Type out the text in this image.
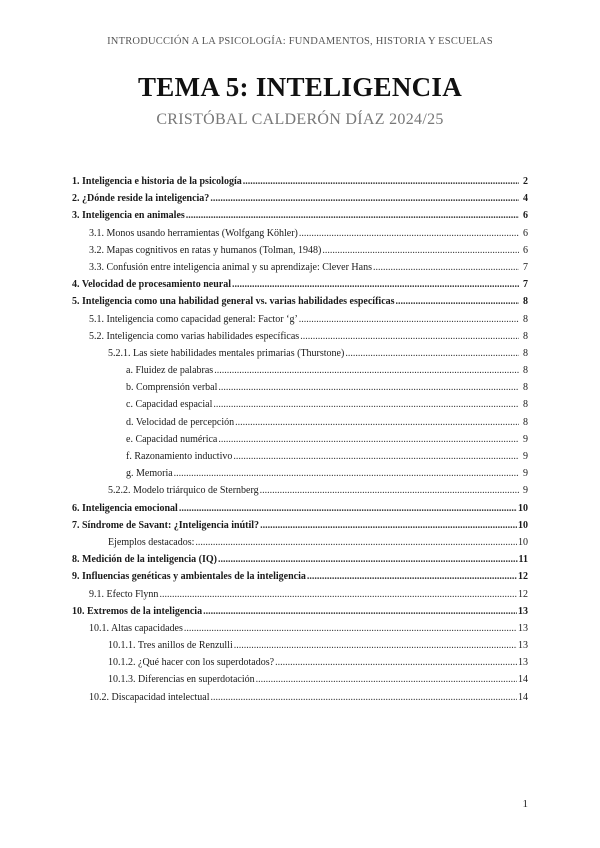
INTRODUCCIÓN A LA PSICOLOGÍA: FUNDAMENTOS, HISTORIA Y ESCUELAS
TEMA 5: INTELIGENCIA
CRISTÓBAL CALDERÓN DÍAZ 2024/25
1. Inteligencia e historia de la psicología .....	2
2. ¿Dónde reside la inteligencia? .....	4
3. Inteligencia en animales .....	6
3.1. Monos usando herramientas (Wolfgang Köhler) .....	6
3.2. Mapas cognitivos en ratas y humanos (Tolman, 1948) .....	6
3.3. Confusión entre inteligencia animal y su aprendizaje: Clever Hans .....	7
4. Velocidad de procesamiento neural .....	7
5. Inteligencia como una habilidad general vs. varias habilidades específicas .....	8
5.1. Inteligencia como capacidad general: Factor ‘g’ .....	8
5.2. Inteligencia como varias habilidades específicas .....	8
5.2.1. Las siete habilidades mentales primarias (Thurstone) .....	8
a. Fluidez de palabras .....	8
b. Comprensión verbal .....	8
c. Capacidad espacial .....	8
d. Velocidad de percepción .....	8
e. Capacidad numérica .....	9
f. Razonamiento inductivo .....	9
g. Memoria .....	9
5.2.2. Modelo triárquico de Sternberg .....	9
6. Inteligencia emocional .....	10
7. Síndrome de Savant: ¿Inteligencia inútil? .....	10
Ejemplos destacados: .....	10
8. Medición de la inteligencia (IQ) .....	11
9. Influencias genéticas y ambientales de la inteligencia .....	12
9.1. Efecto Flynn .....	12
10. Extremos de la inteligencia .....	13
10.1. Altas capacidades .....	13
10.1.1. Tres anillos de Renzulli .....	13
10.1.2. ¿Qué hacer con los superdotados? .....	13
10.1.3. Diferencias en superdotación .....	14
10.2. Discapacidad intelectual .....	14
1
